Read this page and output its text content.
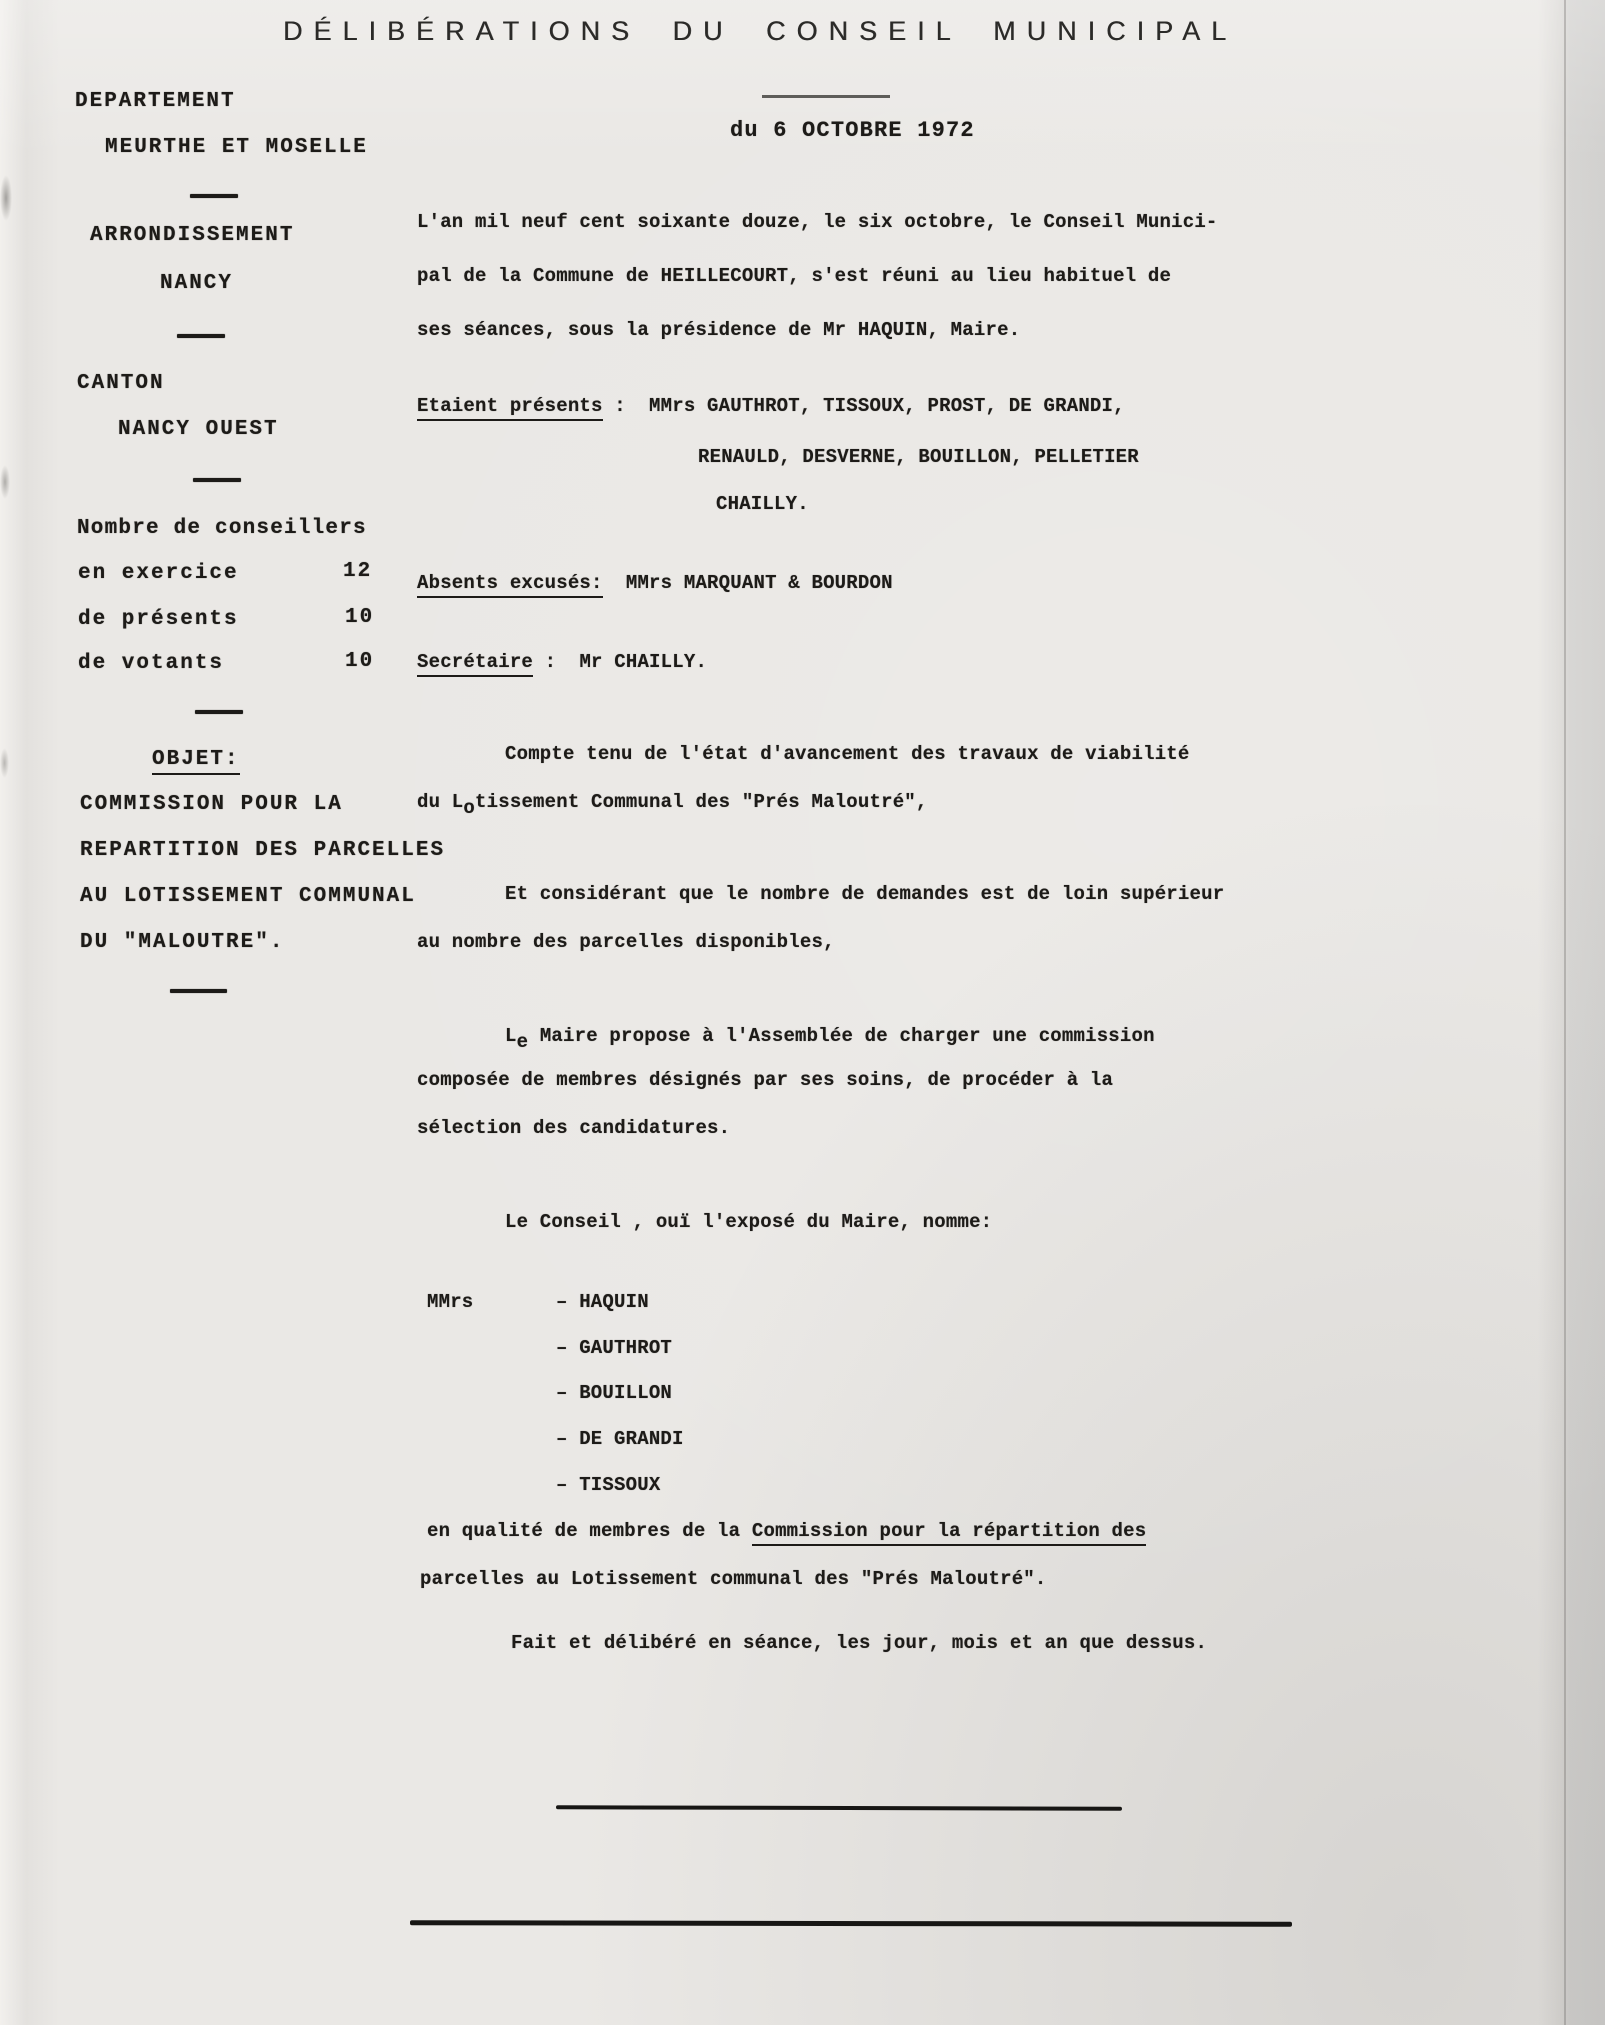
DÉLIBÉRATIONS DU CONSEIL MUNICIPAL
du 6 OCTOBRE 1972
DEPARTEMENT
MEURTHE ET MOSELLE
ARRONDISSEMENT
NANCY
CANTON
NANCY OUEST
Nombre de conseillers
en exercice	12
de présents	10
de votants	10
OBJET:
COMMISSION POUR LA
REPARTITION DES PARCELLES
AU LOTISSEMENT COMMUNAL
DU "MALOUTRE".
L'an mil neuf cent soixante douze, le six octobre, le Conseil Munici-
pal de la Commune de HEILLECOURT, s'est réuni au lieu habituel de
ses séances, sous la présidence de Mr HAQUIN, Maire.
Etaient présents :  MMrs GAUTHROT, TISSOUX, PROST, DE GRANDI,
RENAULD, DESVERNE, BOUILLON, PELLETIER
CHAILLY.
Absents excusés:  MMrs MARQUANT & BOURDON
Secrétaire :  Mr CHAILLY.
Compte tenu de l'état d'avancement des travaux de viabilité
du Lotissement Communal des "Prés Maloutré",
Et considérant que le nombre de demandes est de loin supérieur
au nombre des parcelles disponibles,
Le Maire propose à l'Assemblée de charger une commission
composée de membres désignés par ses soins, de procéder à la
sélection des candidatures.
Le Conseil , ouï l'exposé du Maire, nomme:
MMrs	– HAQUIN
– GAUTHROT
– BOUILLON
– DE GRANDI
– TISSOUX
en qualité de membres de la Commission pour la répartition des
parcelles au Lotissement communal des "Prés Maloutré".
Fait et délibéré en séance, les jour, mois et an que dessus.
